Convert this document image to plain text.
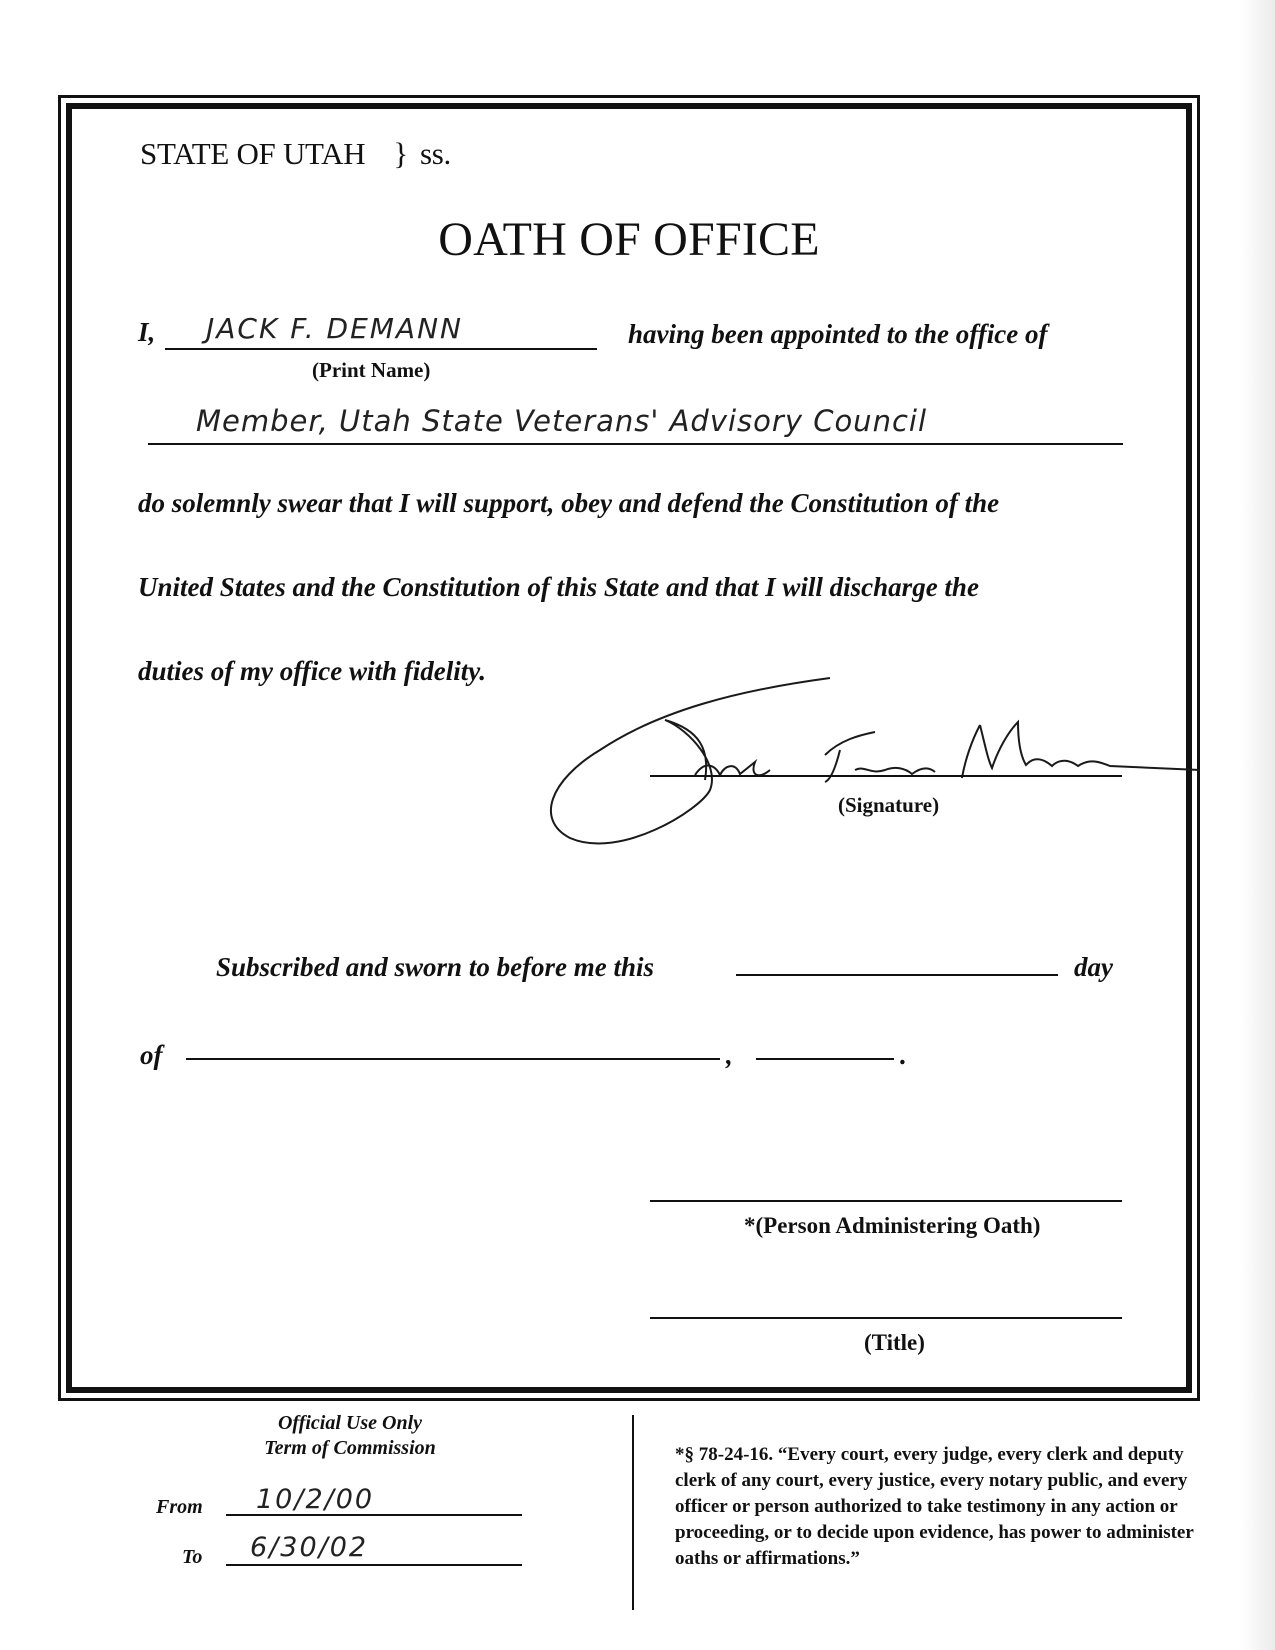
STATE OF UTAH } ss.
OATH OF OFFICE
I, JACK F. DEMANN	having been appointed to the office of
(Print Name)
Member, Utah State Veterans' Advisory Council
do solemnly swear that I will support, obey and defend the Constitution of the
United States and the Constitution of this State and that I will discharge the
duties of my office with fidelity.
(Signature)
Subscribed and sworn to before me this	day
of	,	.
*(Person Administering Oath)
(Title)
Official Use Only
Term of Commission
From 10/2/00
To 6/30/02
*§ 78-24-16. “Every court, every judge, every clerk and deputy clerk of any court, every justice, every notary public, and every officer or person authorized to take testimony in any action or proceeding, or to decide upon evidence, has power to administer oaths or affirmations.”
